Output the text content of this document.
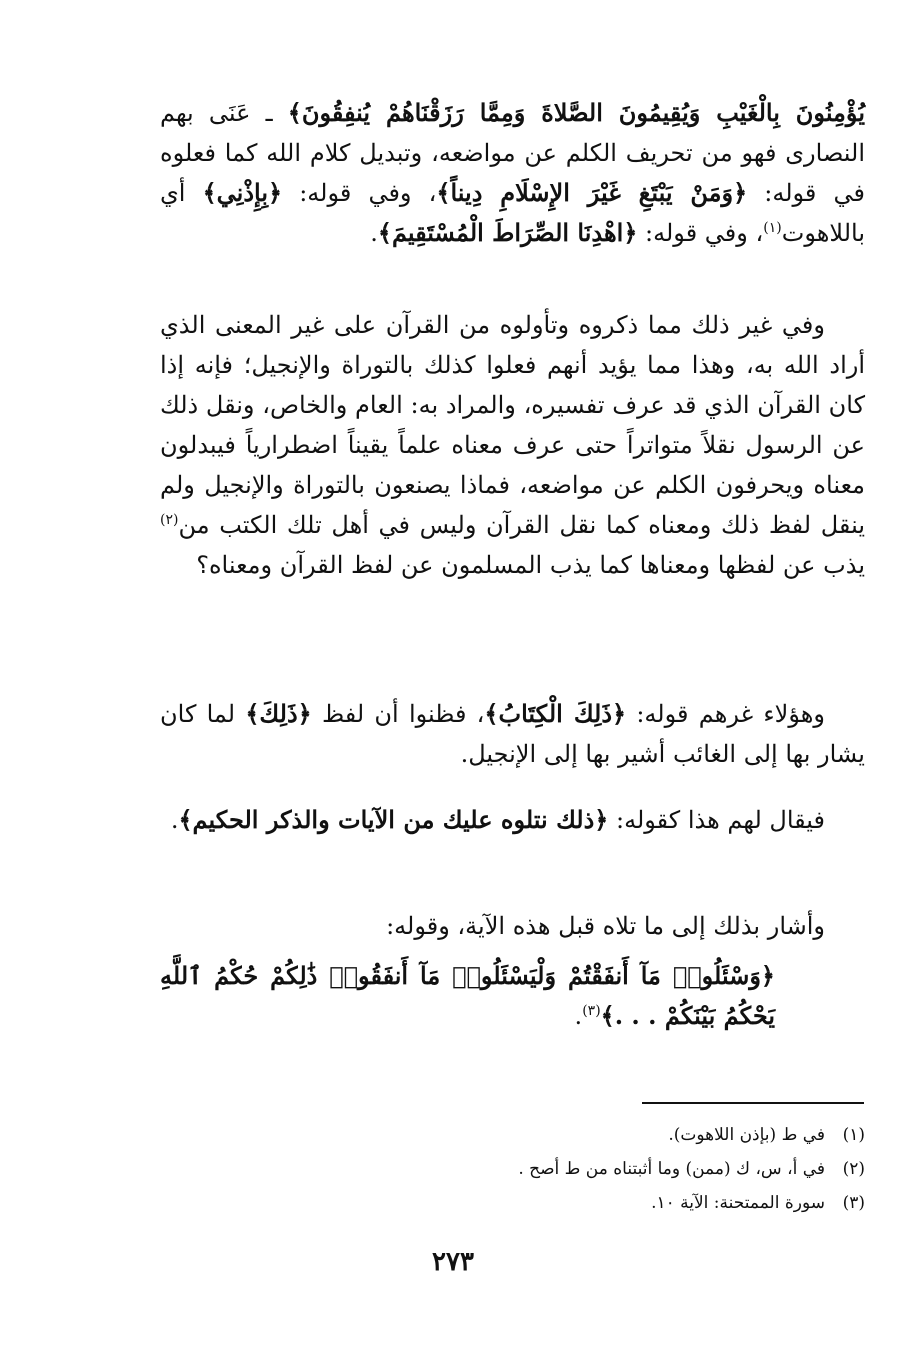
يُؤْمِنُونَ بِالْغَيْبِ وَيُقِيمُونَ الصَّلاةَ وَمِمَّا رَزَقْنَاهُمْ يُنفِقُونَ﴾ ـ عَنَى بهم النصارى فهو من تحريف الكلم عن مواضعه، وتبديل كلام الله كما فعلوه في قوله: ﴿وَمَنْ يَبْتَغِ غَيْرَ الإِسْلَامِ دِيناً﴾، وفي قوله: ﴿بِإِذْنِي﴾ أي باللاهوت$^{(١)}$، وفي قوله: ﴿اهْدِنَا الصِّرَاطَ الْمُسْتَقِيمَ﴾.

وفي غير ذلك مما ذكروه وتأولوه من القرآن على غير المعنى الذي أراد الله به، وهذا مما يؤيد أنهم فعلوا كذلك بالتوراة والإنجيل؛ فإنه إذا كان القرآن الذي قد عرف تفسيره، والمراد به: العام والخاص، ونقل ذلك عن الرسول نقلاً متواتراً حتى عرف معناه علماً يقيناً اضطرارياً فيبدلون معناه ويحرفون الكلم عن مواضعه، فماذا يصنعون بالتوراة والإنجيل ولم ينقل لفظ ذلك ومعناه كما نقل القرآن وليس في أهل تلك الكتب من$^{(٢)}$ يذب عن لفظها ومعناها كما يذب المسلمون عن لفظ القرآن ومعناه؟

وهؤلاء غرهم قوله: ﴿ذَلِكَ الْكِتَابُ﴾، فظنوا أن لفظ ﴿ذَلِكَ﴾ لما كان يشار بها إلى الغائب أشير بها إلى الإنجيل.

فيقال لهم هذا كقوله: ﴿ذلك نتلوه عليك من الآيات والذكر الحكيم﴾.

وأشار بذلك إلى ما تلاه قبل هذه الآية، وقوله:

﴿وَسْئَلُوا۟ مَآ أَنفَقْتُمْ وَلْيَسْئَلُوا۟ مَآ أَنفَقُوا۟ ذَٰلِكُمْ حُكْمُ ٱللَّهِ يَحْكُمُ بَيْنَكُمْ . . .﴾$^{(٣)}$.

(١)في ط (بإذن اللاهوت).

(٢)في أ، س، ك (ممن) وما أثبتناه من ط أصح .

(٣)سورة الممتحنة: الآية ١٠.

٢٧٣
